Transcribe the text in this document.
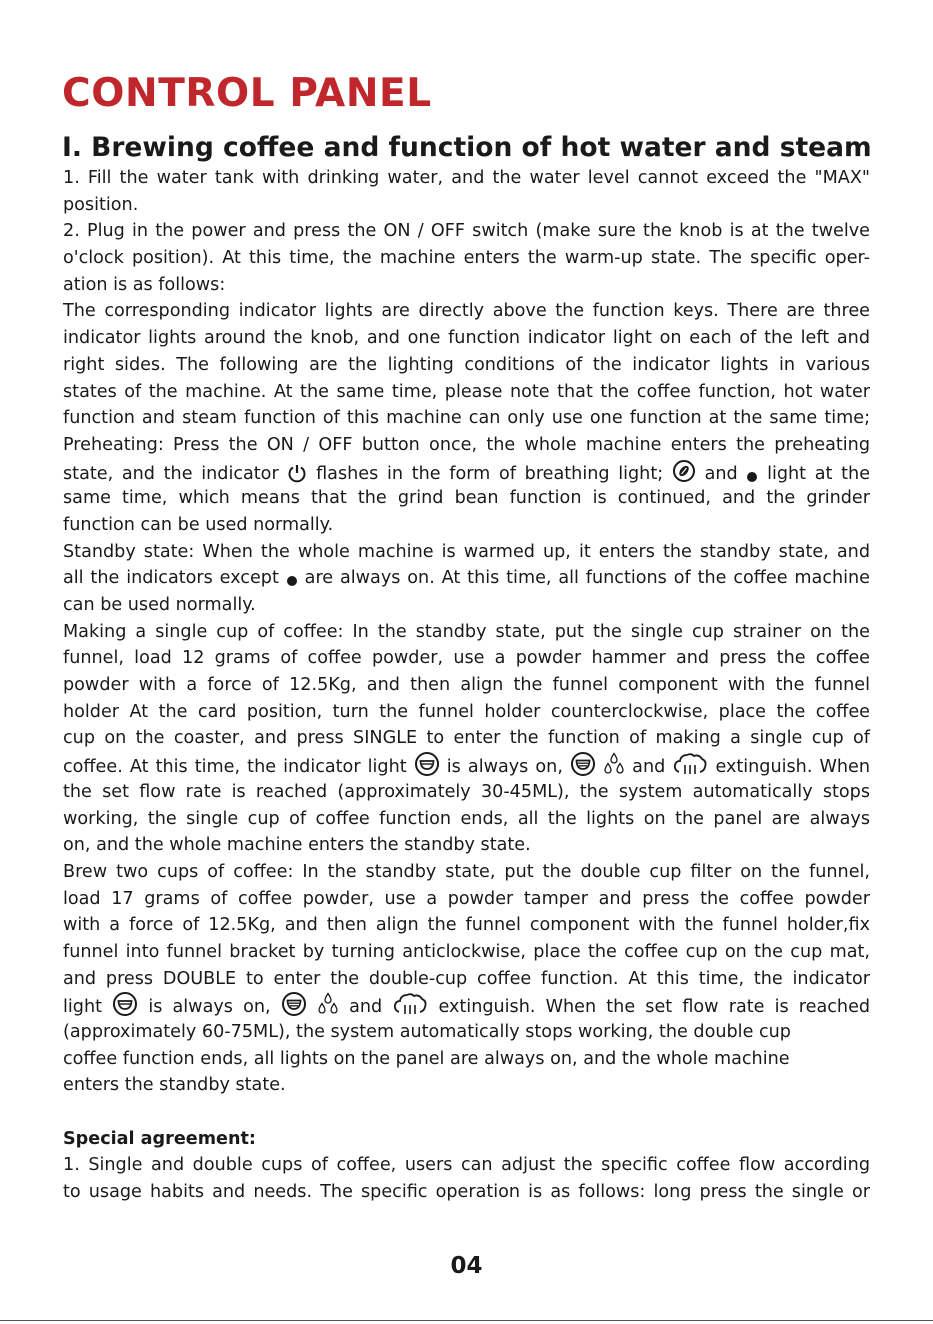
CONTROL PANEL
I. Brewing coffee and function of hot water and steam
1. Fill the water tank with drinking water, and the water level cannot exceed the "MAX"
position.
2. Plug in the power and press the ON / OFF switch (make sure the knob is at the twelve
o'clock position). At this time, the machine enters the warm-up state. The specific oper-
ation is as follows:
The corresponding indicator lights are directly above the function keys. There are three
indicator lights around the knob, and one function indicator light on each of the left and
right sides. The following are the lighting conditions of the indicator lights in various
states of the machine. At the same time, please note that the coffee function, hot water
function and steam function of this machine can only use one function at the same time;
Preheating: Press the ON / OFF button once, the whole machine enters the preheating
state, and the indicator flashes in the form of breathing light; and light at the
same time, which means that the grind bean function is continued, and the grinder
function can be used normally.
Standby state: When the whole machine is warmed up, it enters the standby state, and
all the indicators except are always on. At this time, all functions of the coffee machine
can be used normally.
Making a single cup of coffee: In the standby state, put the single cup strainer on the
funnel, load 12 grams of coffee powder, use a powder hammer and press the coffee
powder with a force of 12.5Kg, and then align the funnel component with the funnel
holder At the card position, turn the funnel holder counterclockwise, place the coffee
cup on the coaster, and press SINGLE to enter the function of making a single cup of
coffee. At this time, the indicator light is always on,
	and	extinguish. When
the set flow rate is reached (approximately 30-45ML), the system automatically stops
working, the single cup of coffee function ends, all the lights on the panel are always
on, and the whole machine enters the standby state.
Brew two cups of coffee: In the standby state, put the double cup filter on the funnel,
load 17 grams of coffee powder, use a powder tamper and press the coffee powder
with a force of 12.5Kg, and then align the funnel component with the funnel holder,fix
funnel into funnel bracket by turning anticlockwise, place the coffee cup on the cup mat,
and press DOUBLE to enter the double-cup coffee function. At this time, the indicator
light	is always on,
	and	extinguish. When the set flow rate is reached
(approximately 60-75ML), the system automatically stops working, the double cup
coffee function ends, all lights on the panel are always on, and the whole machine
enters the standby state.
Special agreement:
1. Single and double cups of coffee, users can adjust the specific coffee flow according
to usage habits and needs. The specific operation is as follows: long press the single or
04
